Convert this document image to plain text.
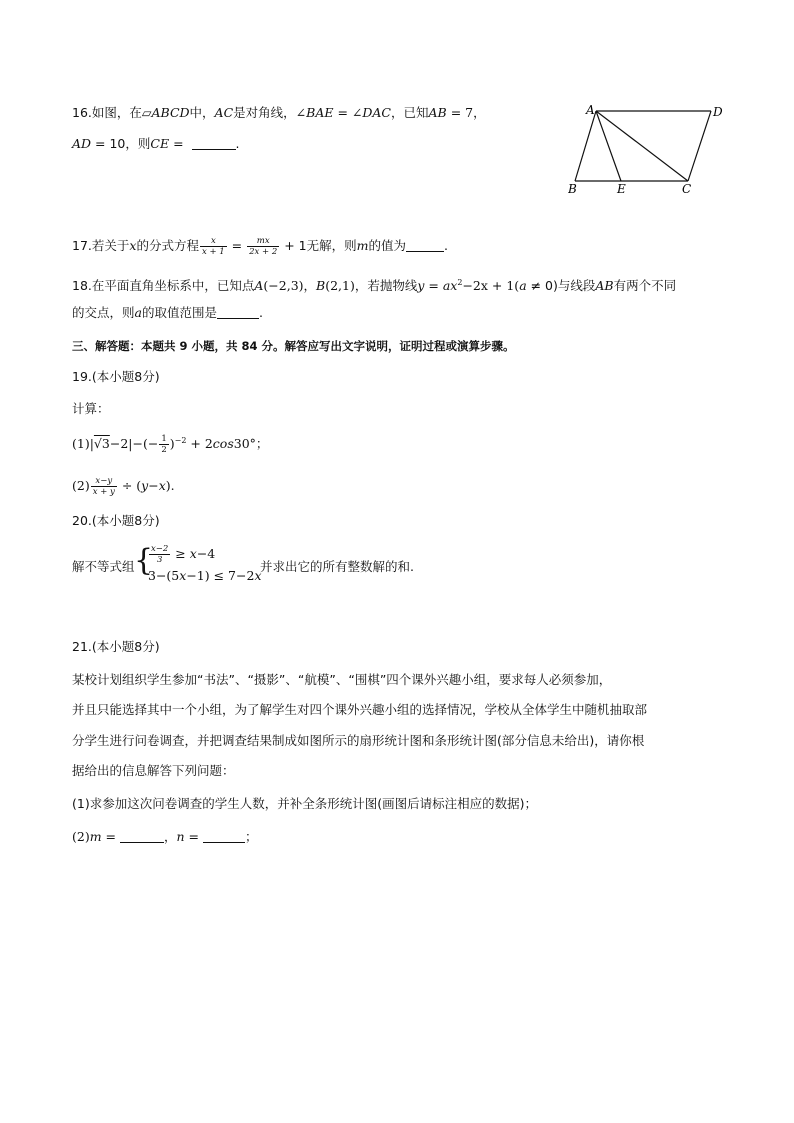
16.如图，在▱ABCD中，AC是对角线，∠BAE = ∠DAC，已知AB = 7，
AD = 10，则CE =	.
A	D
B	E	C
17.若关于x的分式方程 $\frac{x}{x + 1} = \frac{mx}{2x + 2} + 1$无解，则m的值为	.
18.在平面直角坐标系中，已知点A(−2,3)，B(2,1)，若抛物线$y = ax^2-2x + 1(a \ne 0)$与线段AB有两个不同
的交点，则a的取值范围是	.
三、解答题：本题共 9 小题，共 84 分。解答应写出文字说明，证明过程或演算步骤。
19.(本小题8分)
计算：
$(1)|√3-2|-(- \frac{1}{2} )^{-2} + 2\cos 30^\circ$；
$(2) \frac{x-y}{x + y} \div (y-x)$.
20.(本小题8分)
解不等式组 {
$\frac{x-2}{3} \ge x-4$
3−(5x−1) ≤ 7−2x
并求出它的所有整数解的和.
21.(本小题8分)
某校计划组织学生参加“书法”、“摄影”、“航模”、“围棋”四个课外兴趣小组，要求每人必须参加，
并且只能选择其中一个小组，为了解学生对四个课外兴趣小组的选择情况，学校从全体学生中随机抽取部
分学生进行问卷调查，并把调查结果制成如图所示的扇形统计图和条形统计图(部分信息未给出)，请你根
据给出的信息解答下列问题：
(1)求参加这次问卷调查的学生人数，并补全条形统计图(画图后请标注相应的数据)；
(2)m =	，n =	；
